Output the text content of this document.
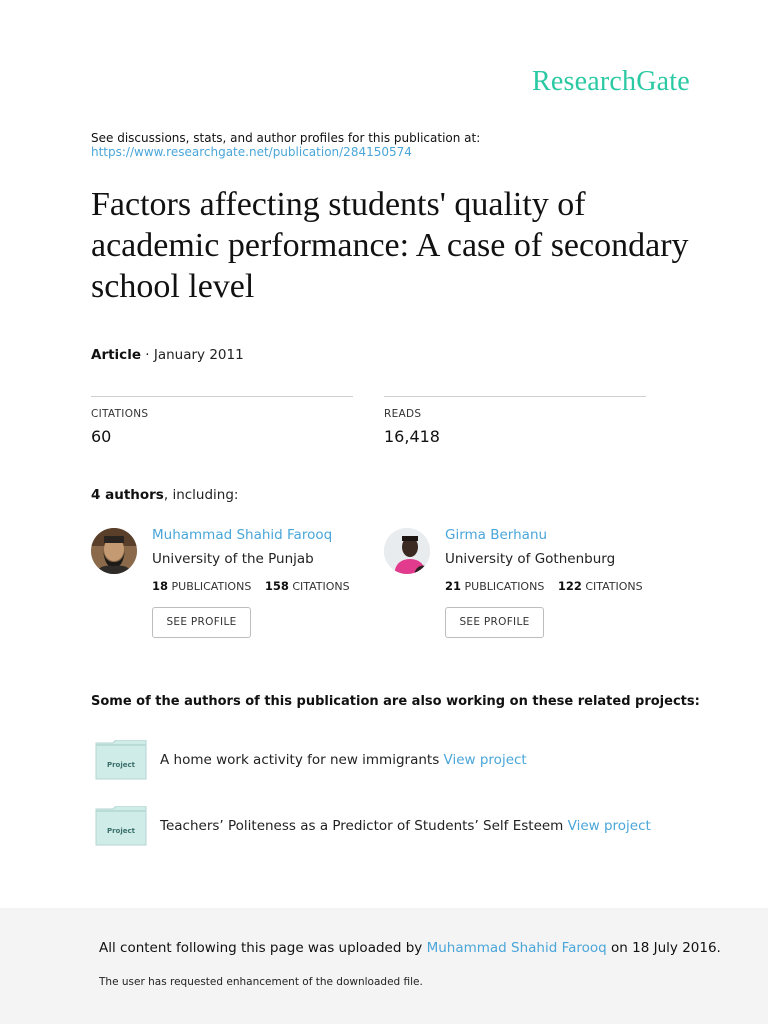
ResearchGate
See discussions, stats, and author profiles for this publication at:
https://www.researchgate.net/publication/284150574
Factors affecting students' quality of academic performance: A case of secondary school level
Article · January 2011
CITATIONS
60
READS
16,418
4 authors, including:
Muhammad Shahid Farooq
University of the Punjab
18 PUBLICATIONS 158 CITATIONS
SEE PROFILE
Girma Berhanu
University of Gothenburg
21 PUBLICATIONS 122 CITATIONS
SEE PROFILE
Some of the authors of this publication are also working on these related projects:
Project A home work activity for new immigrants View project
Project Teachers’ Politeness as a Predictor of Students’ Self Esteem View project
All content following this page was uploaded by Muhammad Shahid Farooq on 18 July 2016.
The user has requested enhancement of the downloaded file.
